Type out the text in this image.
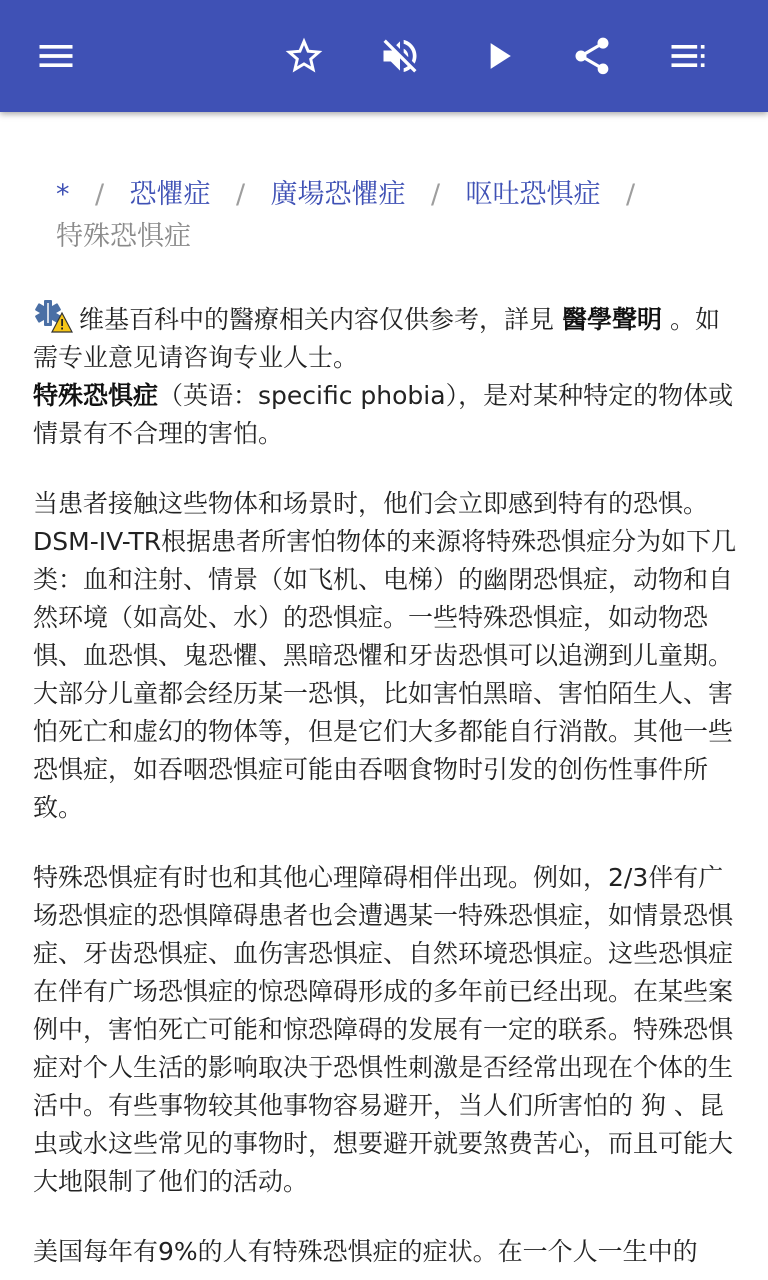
* / 恐懼症 / 廣場恐懼症 / 呕吐恐惧症 /
特殊恐惧症

维基百科中的醫療相关内容仅供参考，詳見 醫學聲明 。如需专业意见请咨询专业人士。

特殊恐惧症（英语：specific phobia），是对某种特定的物体或情景有不合理的害怕。

当患者接触这些物体和场景时，他们会立即感到特有的恐惧。DSM-IV-TR根据患者所害怕物体的来源将特殊恐惧症分为如下几类：血和注射、情景（如飞机、电梯）的幽閉恐惧症，动物和自然环境（如高处、水）的恐惧症。一些特殊恐惧症，如动物恐惧、血恐惧、鬼恐懼、黑暗恐懼和牙齿恐惧可以追溯到儿童期。大部分儿童都会经历某一恐惧，比如害怕黑暗、害怕陌生人、害怕死亡和虚幻的物体等，但是它们大多都能自行消散。其他一些恐惧症，如吞咽恐惧症可能由吞咽食物时引发的创伤性事件所致。

特殊恐惧症有时也和其他心理障碍相伴出现。例如，2/3伴有广场恐惧症的恐惧障碍患者也会遭遇某一特殊恐惧症，如情景恐惧症、牙齿恐惧症、血伤害恐惧症、自然环境恐惧症。这些恐惧症在伴有广场恐惧症的惊恐障碍形成的多年前已经出现。在某些案例中，害怕死亡可能和惊恐障碍的发展有一定的联系。特殊恐惧症对个人生活的影响取决于恐惧性刺激是否经常出现在个体的生活中。有些事物较其他事物容易避开，当人们所害怕的 狗 、昆虫或水这些常见的事物时，想要避开就要煞费苦心，而且可能大大地限制了他们的活动。

美国每年有9%的人有特殊恐惧症的症状。在一个人一生中的
